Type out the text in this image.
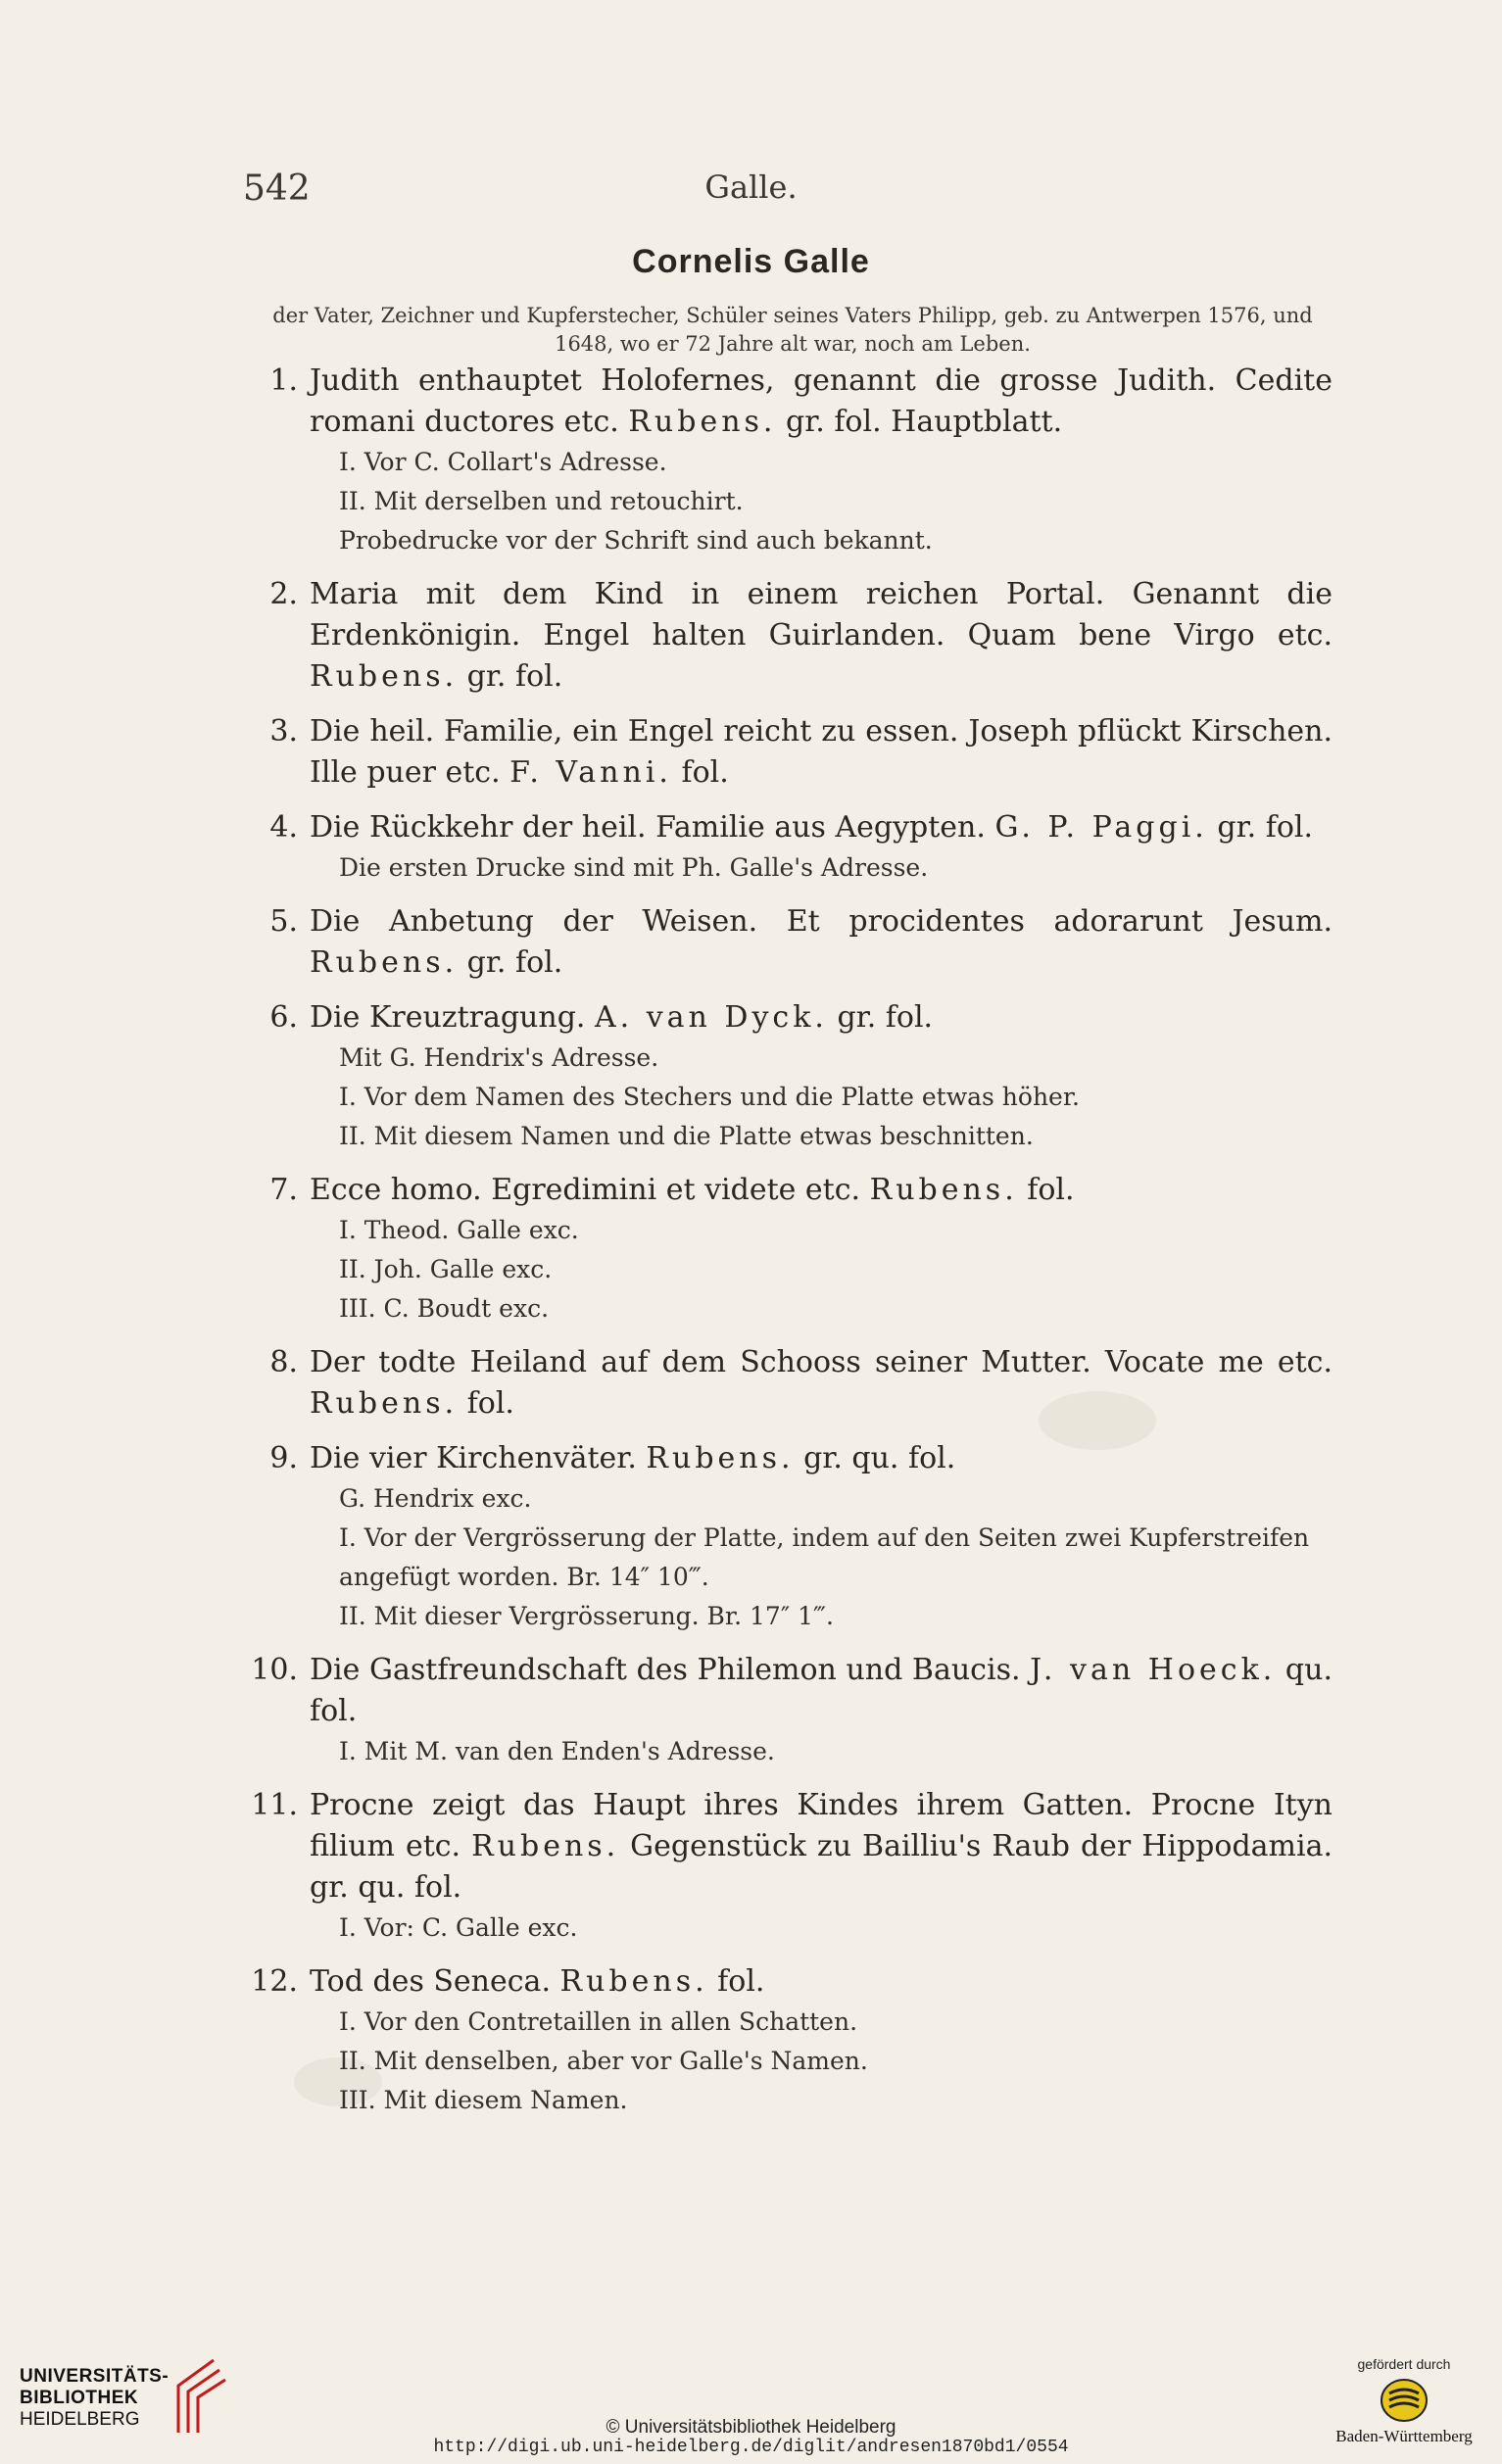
542	Galle.
Cornelis Galle
der Vater, Zeichner und Kupferstecher, Schüler seines Vaters Philipp, geb. zu Antwerpen 1576, und 1648, wo er 72 Jahre alt war, noch am Leben.
1. Judith enthauptet Holofernes, genannt die grosse Judith. Cedite romani ductores etc. Rubens. gr. fol. Hauptblatt.
I. Vor C. Collart's Adresse.
II. Mit derselben und retouchirt.
Probedrucke vor der Schrift sind auch bekannt.
2. Maria mit dem Kind in einem reichen Portal. Genannt die Erdenkönigin. Engel halten Guirlanden. Quam bene Virgo etc. Rubens. gr. fol.
3. Die heil. Familie, ein Engel reicht zu essen. Joseph pflückt Kirschen. Ille puer etc. F. Vanni. fol.
4. Die Rückkehr der heil. Familie aus Aegypten. G. P. Paggi. gr. fol.
Die ersten Drucke sind mit Ph. Galle's Adresse.
5. Die Anbetung der Weisen. Et procidentes adorarunt Jesum. Rubens. gr. fol.
6. Die Kreuztragung. A. van Dyck. gr. fol.
Mit G. Hendrix's Adresse.
I. Vor dem Namen des Stechers und die Platte etwas höher.
II. Mit diesem Namen und die Platte etwas beschnitten.
7. Ecce homo. Egredimini et videte etc. Rubens. fol.
I. Theod. Galle exc.
II. Joh. Galle exc.
III. C. Boudt exc.
8. Der todte Heiland auf dem Schooss seiner Mutter. Vocate me etc. Rubens. fol.
9. Die vier Kirchenväter. Rubens. gr. qu. fol.
G. Hendrix exc.
I. Vor der Vergrösserung der Platte, indem auf den Seiten zwei Kupferstreifen angefügt worden. Br. 14″ 10‴.
II. Mit dieser Vergrösserung. Br. 17″ 1‴.
10. Die Gastfreundschaft des Philemon und Baucis. J. van Hoeck. qu. fol.
I. Mit M. van den Enden's Adresse.
11. Procne zeigt das Haupt ihres Kindes ihrem Gatten. Procne Ityn filium etc. Rubens. Gegenstück zu Bailliu's Raub der Hippodamia. gr. qu. fol.
I. Vor: C. Galle exc.
12. Tod des Seneca. Rubens. fol.
I. Vor den Contretaillen in allen Schatten.
II. Mit denselben, aber vor Galle's Namen.
III. Mit diesem Namen.
UNIVERSITÄTS-
BIBLIOTHEK
HEIDELBERG	© Universitätsbibliothek Heidelberg
http://digi.ub.uni-heidelberg.de/diglit/andresen1870bd1/0554
gefördert durch
Baden-Württemberg
